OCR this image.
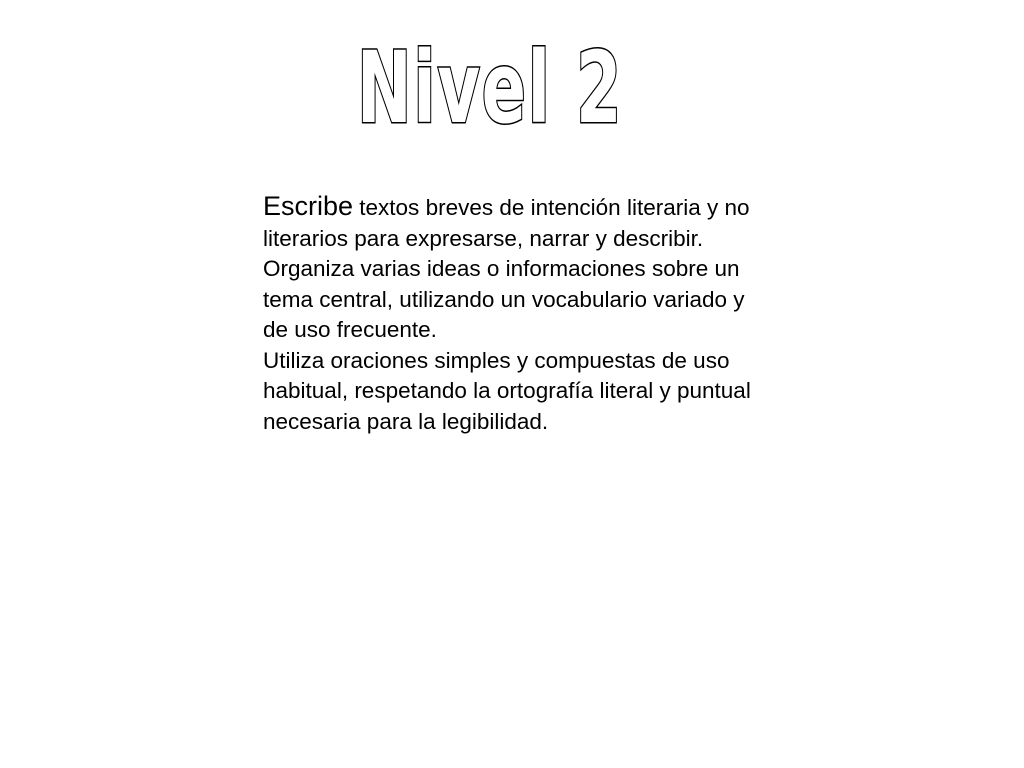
Nivel 2

Escribe textos breves de intención literaria y no literarios para expresarse, narrar y describir.

Organiza varias ideas o informaciones sobre un tema central, utilizando un vocabulario variado y de uso frecuente.

Utiliza oraciones simples y compuestas de uso habitual, respetando la ortografía literal y puntual necesaria para la legibilidad.
